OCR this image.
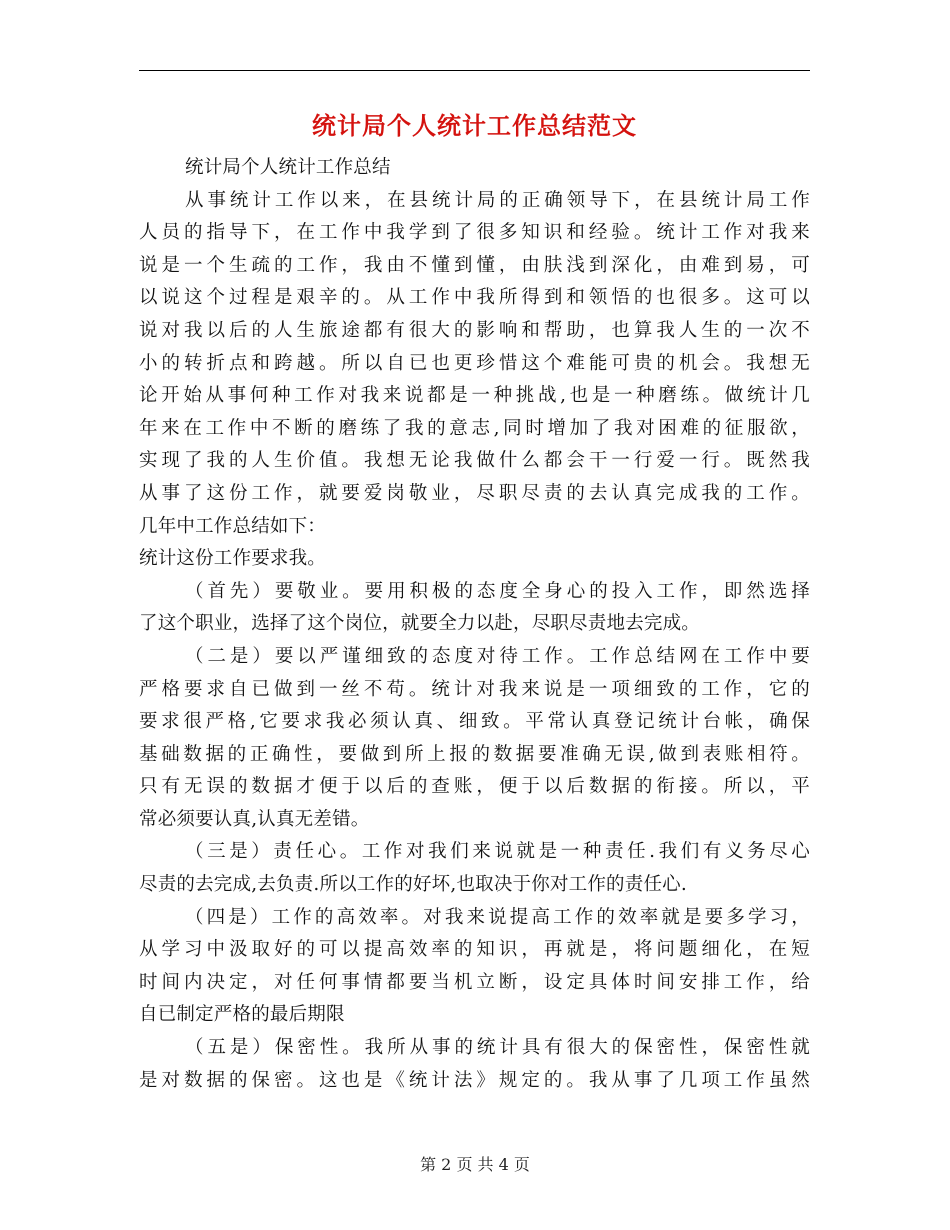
统计局个人统计工作总结范文
统计局个人统计工作总结
从事统计工作以来，在县统计局的正确领导下，在县统计局工作
人员的指导下，在工作中我学到了很多知识和经验。统计工作对我来
说是一个生疏的工作，我由不懂到懂，由肤浅到深化，由难到易，可
以说这个过程是艰辛的。从工作中我所得到和领悟的也很多。这可以
说对我以后的人生旅途都有很大的影响和帮助，也算我人生的一次不
小的转折点和跨越。所以自已也更珍惜这个难能可贵的机会。我想无
论开始从事何种工作对我来说都是一种挑战,也是一种磨练。做统计几
年来在工作中不断的磨练了我的意志,同时增加了我对困难的征服欲，
实现了我的人生价值。我想无论我做什么都会干一行爱一行。既然我
从事了这份工作，就要爱岗敬业，尽职尽责的去认真完成我的工作。
几年中工作总结如下：
统计这份工作要求我。
（首先）要敬业。要用积极的态度全身心的投入工作，即然选择
了这个职业，选择了这个岗位，就要全力以赴，尽职尽责地去完成。
（二是）要以严谨细致的态度对待工作。工作总结网在工作中要
严格要求自已做到一丝不苟。统计对我来说是一项细致的工作，它的
要求很严格,它要求我必须认真、细致。平常认真登记统计台帐，确保
基础数据的正确性，要做到所上报的数据要准确无误,做到表账相符。
只有无误的数据才便于以后的查账，便于以后数据的衔接。所以，平
常必须要认真,认真无差错。
（三是）责任心。工作对我们来说就是一种责任.我们有义务尽心
尽责的去完成,去负责.所以工作的好坏,也取决于你对工作的责任心.
（四是）工作的高效率。对我来说提高工作的效率就是要多学习，
从学习中汲取好的可以提高效率的知识，再就是，将问题细化，在短
时间内决定，对任何事情都要当机立断，设定具体时间安排工作，给
自已制定严格的最后期限
（五是）保密性。我所从事的统计具有很大的保密性，保密性就
是对数据的保密。这也是《统计法》规定的。我从事了几项工作虽然
第 2 页 共 4 页
